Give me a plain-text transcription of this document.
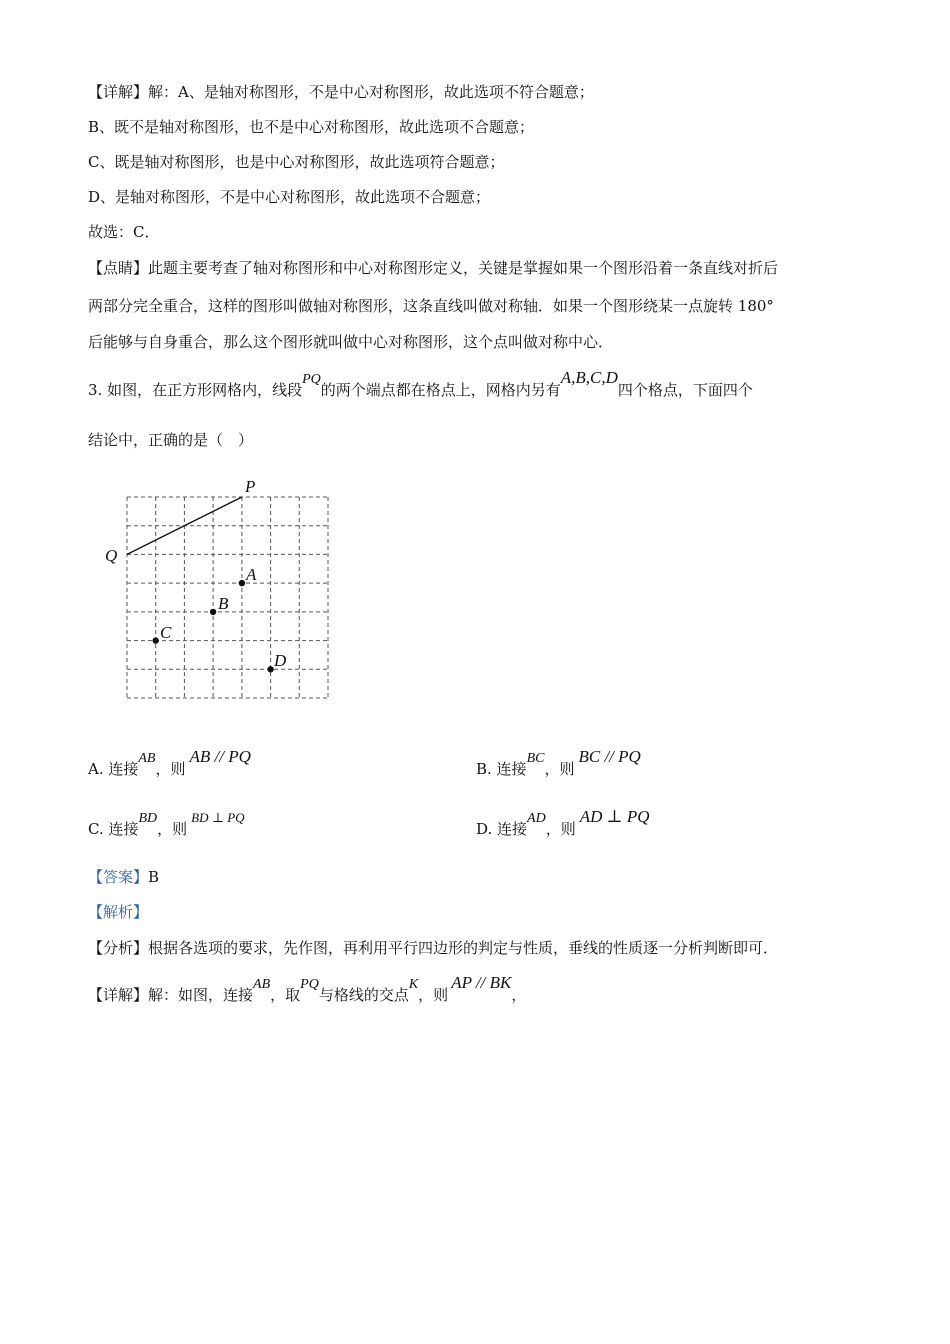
【详解】解：A、是轴对称图形，不是中心对称图形，故此选项不符合题意；
B、既不是轴对称图形，也不是中心对称图形，故此选项不合题意；
C、既是轴对称图形，也是中心对称图形，故此选项符合题意；
D、是轴对称图形，不是中心对称图形，故此选项不合题意；
故选：C．
【点睛】此题主要考查了轴对称图形和中心对称图形定义，关键是掌握如果一个图形沿着一条直线对折后
两部分完全重合，这样的图形叫做轴对称图形，这条直线叫做对称轴．如果一个图形绕某一点旋转 180°
后能够与自身重合，那么这个图形就叫做中心对称图形，这个点叫做对称中心．
3. 如图，在正方形网格内，线段PQ的两个端点都在格点上，网格内另有A,B,C,D四个格点，下面四个
结论中，正确的是（　）
P
Q
A
B
C
D
A. 连接AB，则AB // PQ
B. 连接BC，则BC // PQ
C. 连接BD，则BD ⊥ PQ
D. 连接AD，则AD ⊥ PQ
【答案】B
【解析】
【分析】根据各选项的要求，先作图，再利用平行四边形的判定与性质，垂线的性质逐一分析判断即可．
【详解】解：如图，连接AB，取PQ与格线的交点K，则AP // BK，
